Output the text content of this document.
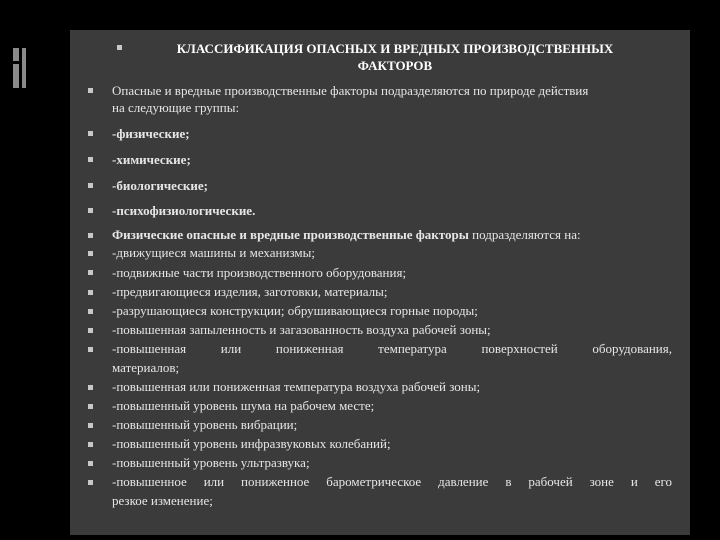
КЛАССИФИКАЦИЯ ОПАСНЫХ И ВРЕДНЫХ ПРОИЗВОДСТВЕННЫХ ФАКТОРОВ
Опасные и вредные производственные факторы подразделяются по природе действия
на следующие группы:
-физические;
-химические;
-биологические;
-психофизиологические.
Физические опасные и вредные производственные факторы подразделяются на:
-движущиеся машины и механизмы;
-подвижные части производственного оборудования;
-предвигающиеся изделия, заготовки, материалы;
-разрушающиеся конструкции; обрушивающиеся горные породы;
-повышенная запыленность и загазованность воздуха рабочей зоны;
-повышенная или пониженная температура поверхностей оборудования,
материалов;
-повышенная или пониженная температура воздуха рабочей зоны;
-повышенный уровень шума на рабочем месте;
-повышенный уровень вибрации;
-повышенный уровень инфразвуковых колебаний;
-повышенный уровень ультразвука;
-повышенное или пониженное барометрическое давление в рабочей зоне и его
резкое изменение;
